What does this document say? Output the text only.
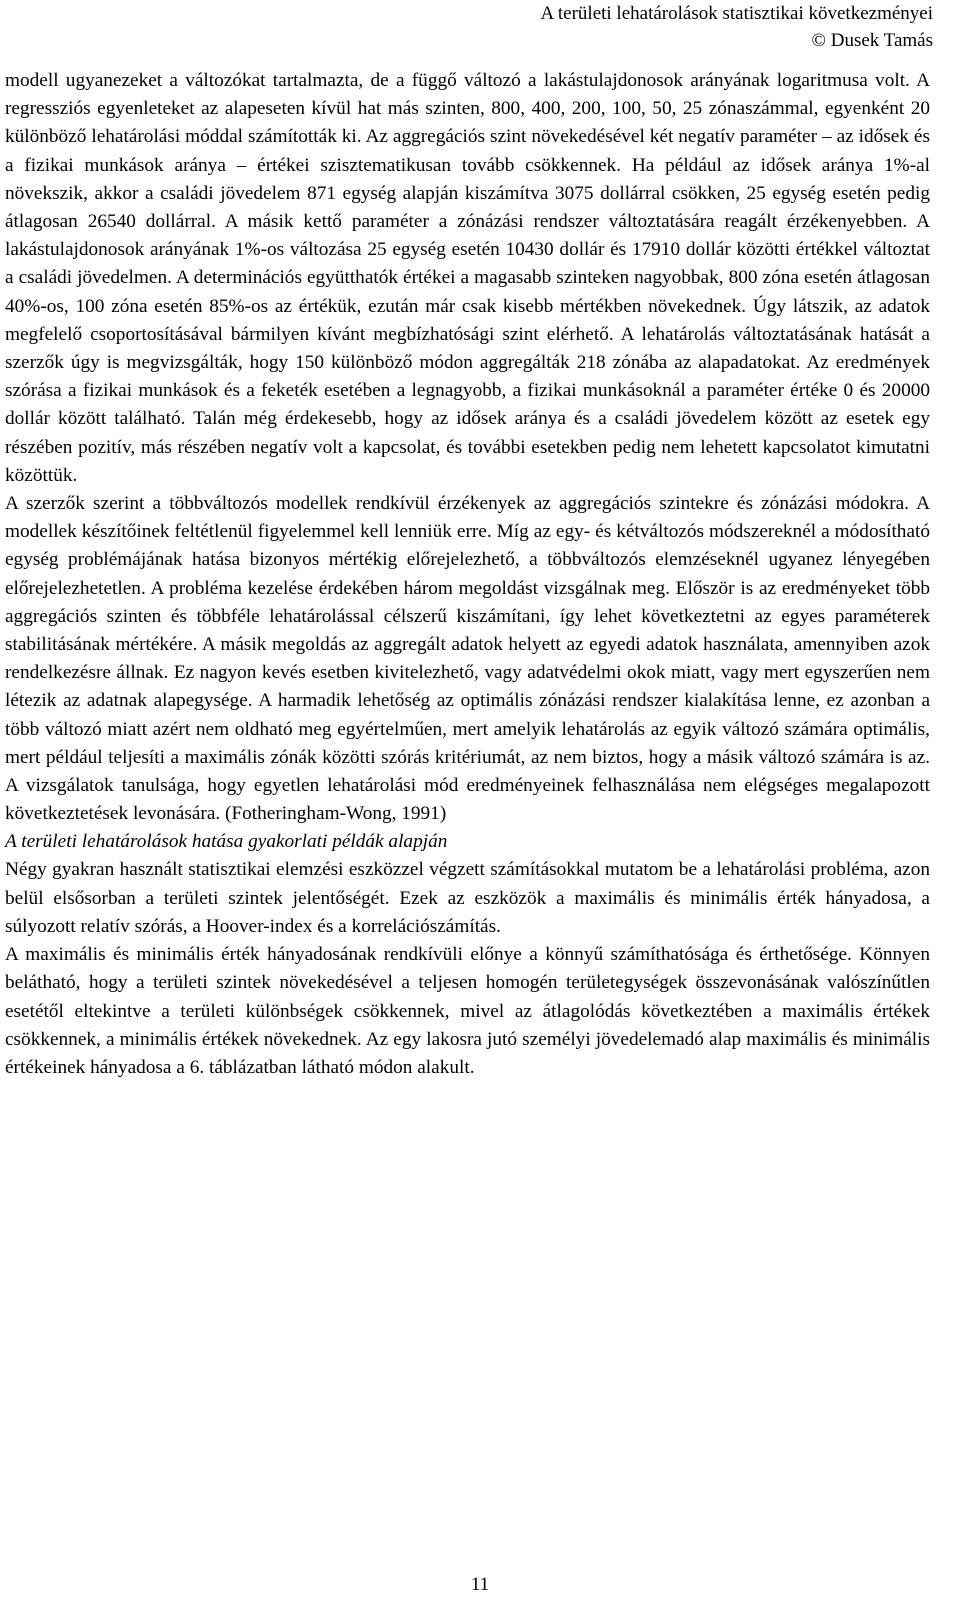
A területi lehatárolások statisztikai következményei
© Dusek Tamás

modell ugyanezeket a változókat tartalmazta, de a függő változó a lakástulajdonosok arányának logaritmusa volt. A regressziós egyenleteket az alapeseten kívül hat más szinten, 800, 400, 200, 100, 50, 25 zónaszámmal, egyenként 20 különböző lehatárolási móddal számították ki. Az aggregációs szint növekedésével két negatív paraméter – az idősek és a fizikai munkások aránya – értékei szisztematikusan tovább csökkennek. Ha például az idősek aránya 1%-al növekszik, akkor a családi jövedelem 871 egység alapján kiszámítva 3075 dollárral csökken, 25 egység esetén pedig átlagosan 26540 dollárral. A másik kettő paraméter a zónázási rendszer változtatására reagált érzékenyebben. A lakástulajdonosok arányának 1%-os változása 25 egység esetén 10430 dollár és 17910 dollár közötti értékkel változtat a családi jövedelmen. A determinációs együtthatók értékei a magasabb szinteken nagyobbak, 800 zóna esetén átlagosan 40%-os, 100 zóna esetén 85%-os az értékük, ezután már csak kisebb mértékben növekednek. Úgy látszik, az adatok megfelelő csoportosításával bármilyen kívánt megbízhatósági szint elérhető. A lehatárolás változtatásának hatását a szerzők úgy is megvizsgálták, hogy 150 különböző módon aggregálták 218 zónába az alapadatokat. Az eredmények szórása a fizikai munkások és a feketék esetében a legnagyobb, a fizikai munkásoknál a paraméter értéke 0 és 20000 dollár között található. Talán még érdekesebb, hogy az idősek aránya és a családi jövedelem között az esetek egy részében pozitív, más részében negatív volt a kapcsolat, és további esetekben pedig nem lehetett kapcsolatot kimutatni közöttük.

A szerzők szerint a többváltozós modellek rendkívül érzékenyek az aggregációs szintekre és zónázási módokra. A modellek készítőinek feltétlenül figyelemmel kell lenniük erre. Míg az egy- és kétváltozós módszereknél a módosítható egység problémájának hatása bizonyos mértékig előrejelezhető, a többváltozós elemzéseknél ugyanez lényegében előrejelezhetetlen. A probléma kezelése érdekében három megoldást vizsgálnak meg. Először is az eredményeket több aggregációs szinten és többféle lehatárolással célszerű kiszámítani, így lehet következtetni az egyes paraméterek stabilitásának mértékére. A másik megoldás az aggregált adatok helyett az egyedi adatok használata, amennyiben azok rendelkezésre állnak. Ez nagyon kevés esetben kivitelezhető, vagy adatvédelmi okok miatt, vagy mert egyszerűen nem létezik az adatnak alapegysége. A harmadik lehetőség az optimális zónázási rendszer kialakítása lenne, ez azonban a több változó miatt azért nem oldható meg egyértelműen, mert amelyik lehatárolás az egyik változó számára optimális, mert például teljesíti a maximális zónák közötti szórás kritériumát, az nem biztos, hogy a másik változó számára is az. A vizsgálatok tanulsága, hogy egyetlen lehatárolási mód eredményeinek felhasználása nem elégséges megalapozott következtetések levonására. (Fotheringham-Wong, 1991)

A területi lehatárolások hatása gyakorlati példák alapján

Négy gyakran használt statisztikai elemzési eszközzel végzett számításokkal mutatom be a lehatárolási probléma, azon belül elsősorban a területi szintek jelentőségét. Ezek az eszközök a maximális és minimális érték hányadosa, a súlyozott relatív szórás, a Hoover-index és a korrelációszámítás.

A maximális és minimális érték hányadosának rendkívüli előnye a könnyű számíthatósága és érthetősége. Könnyen belátható, hogy a területi szintek növekedésével a teljesen homogén területegységek összevonásának valószínűtlen esetétől eltekintve a területi különbségek csökkennek, mivel az átlagolódás következtében a maximális értékek csökkennek, a minimális értékek növekednek. Az egy lakosra jutó személyi jövedelemadó alap maximális és minimális értékeinek hányadosa a 6. táblázatban látható módon alakult.

11
